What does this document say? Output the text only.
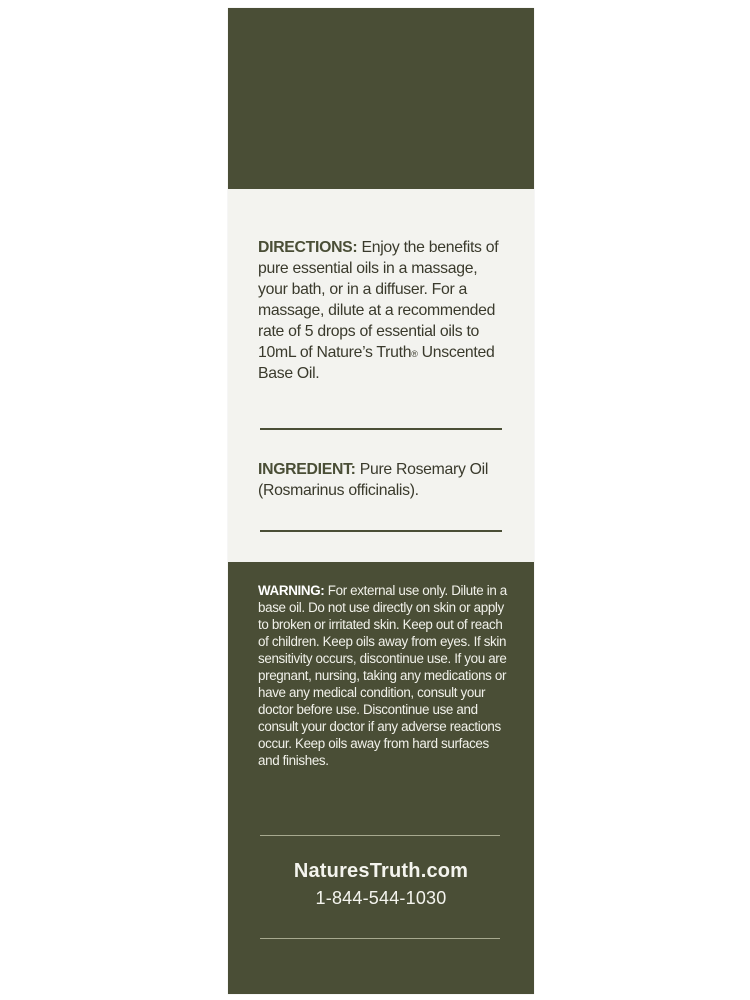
DIRECTIONS: Enjoy the benefits of pure essential oils in a massage, your bath, or in a diffuser. For a massage, dilute at a recommended rate of 5 drops of essential oils to 10mL of Nature’s Truth® Unscented Base Oil.
INGREDIENT: Pure Rosemary Oil (Rosmarinus officinalis).
WARNING: For external use only. Dilute in a base oil. Do not use directly on skin or apply to broken or irritated skin. Keep out of reach of children. Keep oils away from eyes. If skin sensitivity occurs, discontinue use. If you are pregnant, nursing, taking any medications or have any medical condition, consult your doctor before use. Discontinue use and consult your doctor if any adverse reactions occur. Keep oils away from hard surfaces and finishes.
NaturesTruth.com
1-844-544-1030
